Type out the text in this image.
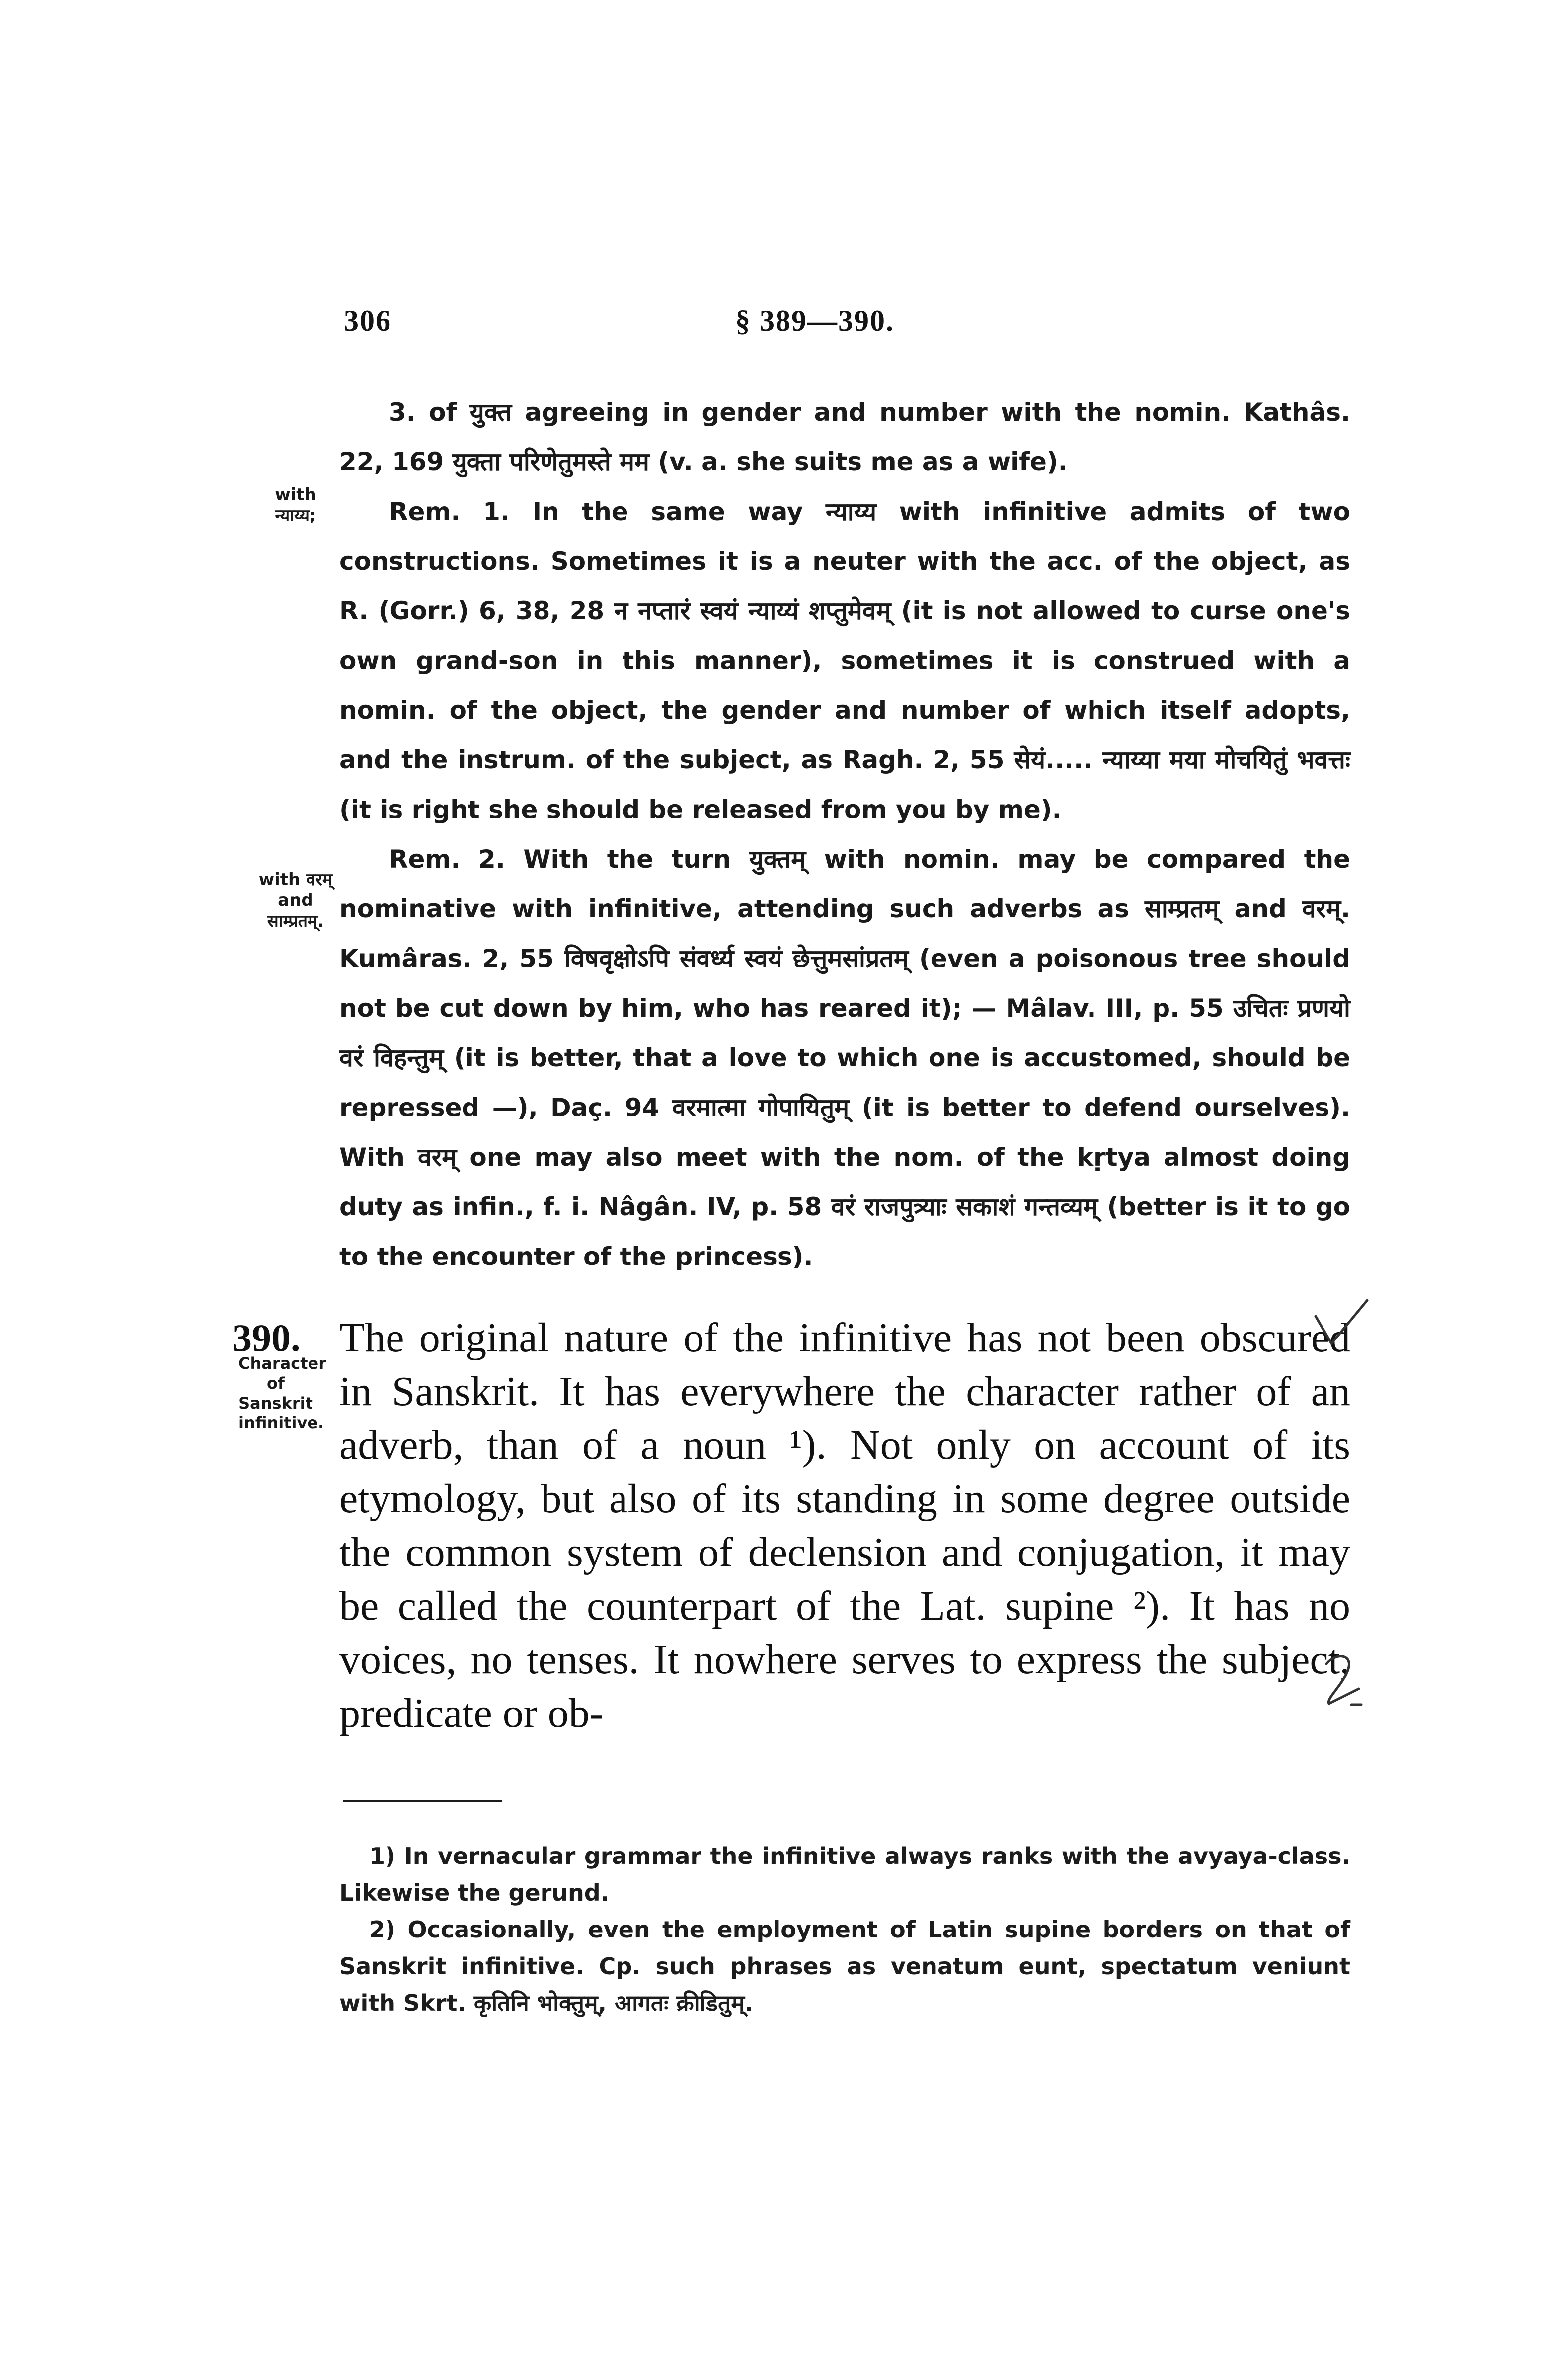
306	§ 389—390.
with न्याय्य;
with वरम् and साम्प्रतम्.
Character of Sanskrit infinitive.

3. of युक्त agreeing in gender and number with the nomin. Kathâs. 22, 169 युक्ता परिणेतुमस्ते मम (v. a. she suits me as a wife).

Rem. 1. In the same way न्याय्य with infinitive admits of two constructions. Sometimes it is a neuter with the acc. of the object, as R. (Gorr.) 6, 38, 28 न नप्तारं स्वयं न्याय्यं शप्तुमेवम् (it is not allowed to curse one's own grand-son in this manner), sometimes it is construed with a nomin. of the object, the gender and number of which itself adopts, and the instrum. of the subject, as Ragh. 2, 55 सेयं..... न्याय्या मया मोचयितुं भवत्तः (it is right she should be released from you by me).

Rem. 2. With the turn युक्तम् with nomin. may be compared the nominative with infinitive, attending such adverbs as साम्प्रतम् and वरम्. Kumâras. 2, 55 विषवृक्षोऽपि संवर्ध्य स्वयं छेत्तुमसांप्रतम् (even a poisonous tree should not be cut down by him, who has reared it); — Mâlav. III, p. 55 उचितः प्रणयो वरं विहन्तुम् (it is better, that a love to which one is accustomed, should be repressed —), Daç. 94 वरमात्मा गोपायितुम् (it is better to defend ourselves). With वरम् one may also meet with the nom. of the kṛtya almost doing duty as infin., f. i. Nâgân. IV, p. 58 वरं राजपुत्र्याः सकाशं गन्तव्यम् (better is it to go to the encounter of the princess).

390. The original nature of the infinitive has not been obscured in Sanskrit. It has everywhere the character rather of an adverb, than of a noun ¹). Not only on account of its etymology, but also of its standing in some degree outside the common system of declension and conjugation, it may be called the counterpart of the Lat. supine ²). It has no voices, no tenses. It nowhere serves to express the subject, predicate or ob-

1) In vernacular grammar the infinitive always ranks with the avyaya-class. Likewise the gerund.

2) Occasionally, even the employment of Latin supine borders on that of Sanskrit infinitive. Cp. such phrases as venatum eunt, spectatum veniunt with Skrt. कृतिनि भोक्तुम्, आगतः क्रीडितुम्.
